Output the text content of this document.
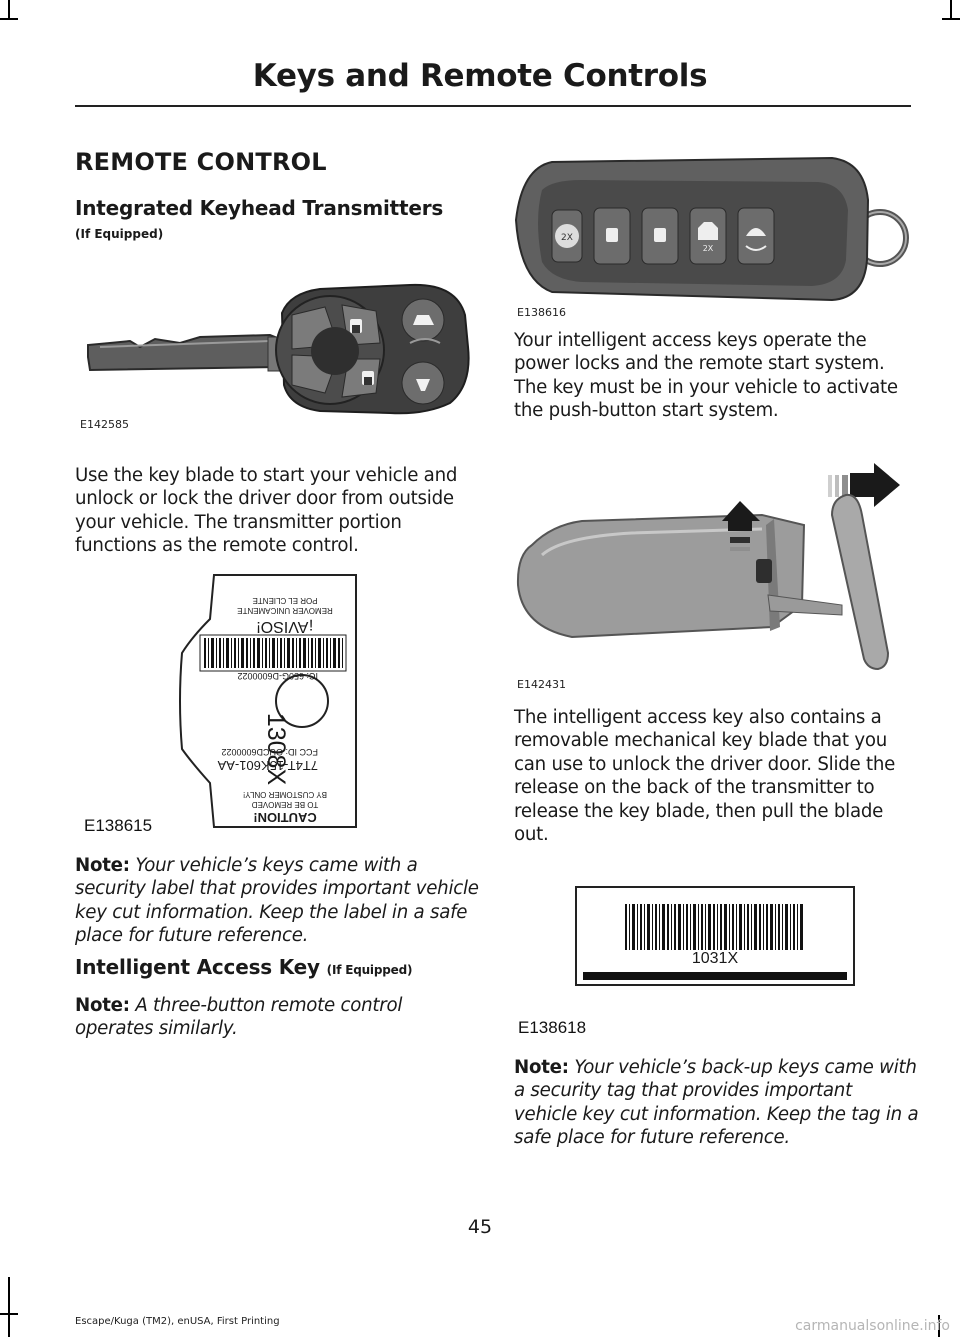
Keys and Remote Controls
REMOTE CONTROL
Integrated Keyhead Transmitters
(If Equipped)
E142585

Use the key blade to start your vehicle and unlock or lock the driver door from outside your vehicle. The transmitter portion functions as the remote control.

CAUTION!
TO BE REMOVED
BY CUSTOMER ONLY!
7T4T-15K601-AA
FCC ID: OUCD6000022
IC: 650G-D6000022
¡AVISO!
REMOVER UNICAMENTE
POR EL CLIENTE
1308X
E138615

Note: Your vehicle’s keys came with a security label that provides important vehicle key cut information. Keep the label in a safe place for future reference.

Intelligent Access Key (If Equipped)

Note: A three-button remote control operates similarly.

2X
2X
E138616

Your intelligent access keys operate the power locks and the remote start system. The key must be in your vehicle to activate the push-button start system.

E142431

The intelligent access key also contains a removable mechanical key blade that you can use to unlock the driver door. Slide the release on the back of the transmitter to release the key blade, then pull the blade out.

1031X
E138618

Note: Your vehicle’s back-up keys came with a security tag that provides important vehicle key cut information. Keep the tag in a safe place for future reference.

45
Escape/Kuga (TM2), enUSA, First Printing	carmanualsonline.info
